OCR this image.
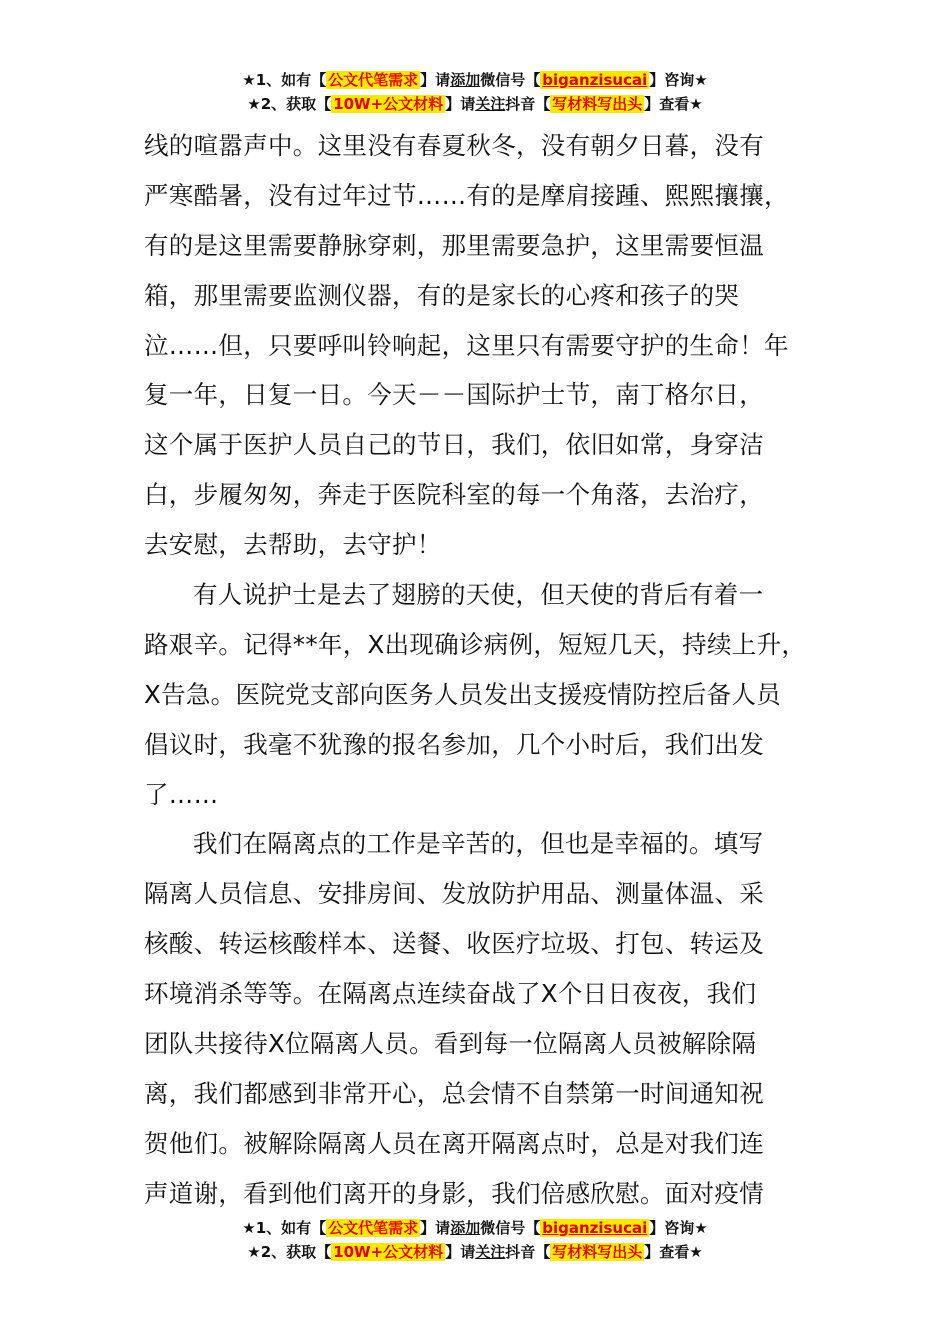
★1、如有【 公文代笔需求 】请添加微信号【 biganzisucai 】咨询★
★2、获取【 10W+公文材料 】请关注抖音【 写材料写出头 】查看★
线的喧嚣声中。这里没有春夏秋冬，没有朝夕日暮，没有
严寒酷暑，没有过年过节……有的是摩肩接踵、熙熙攘攘，
有的是这里需要静脉穿刺，那里需要急护，这里需要恒温
箱，那里需要监测仪器，有的是家长的心疼和孩子的哭
泣……但，只要呼叫铃响起，这里只有需要守护的生命！年
复一年，日复一日。今天－－国际护士节，南丁格尔日，
这个属于医护人员自己的节日，我们，依旧如常，身穿洁
白，步履匆匆，奔走于医院科室的每一个角落，去治疗，
去安慰，去帮助，去守护！
有人说护士是去了翅膀的天使，但天使的背后有着一
路艰辛。记得**年，X出现确诊病例，短短几天，持续上升，
X告急。医院党支部向医务人员发出支援疫情防控后备人员
倡议时，我毫不犹豫的报名参加，几个小时后，我们出发
了……
我们在隔离点的工作是辛苦的，但也是幸福的。填写
隔离人员信息、安排房间、发放防护用品、测量体温、采
核酸、转运核酸样本、送餐、收医疗垃圾、打包、转运及
环境消杀等等。在隔离点连续奋战了X个日日夜夜，我们
团队共接待X位隔离人员。看到每一位隔离人员被解除隔
离，我们都感到非常开心，总会情不自禁第一时间通知祝
贺他们。被解除隔离人员在离开隔离点时，总是对我们连
声道谢，看到他们离开的身影，我们倍感欣慰。面对疫情
★1、如有【 公文代笔需求 】请添加微信号【 biganzisucai 】咨询★
★2、获取【 10W+公文材料 】请关注抖音【 写材料写出头 】查看★
